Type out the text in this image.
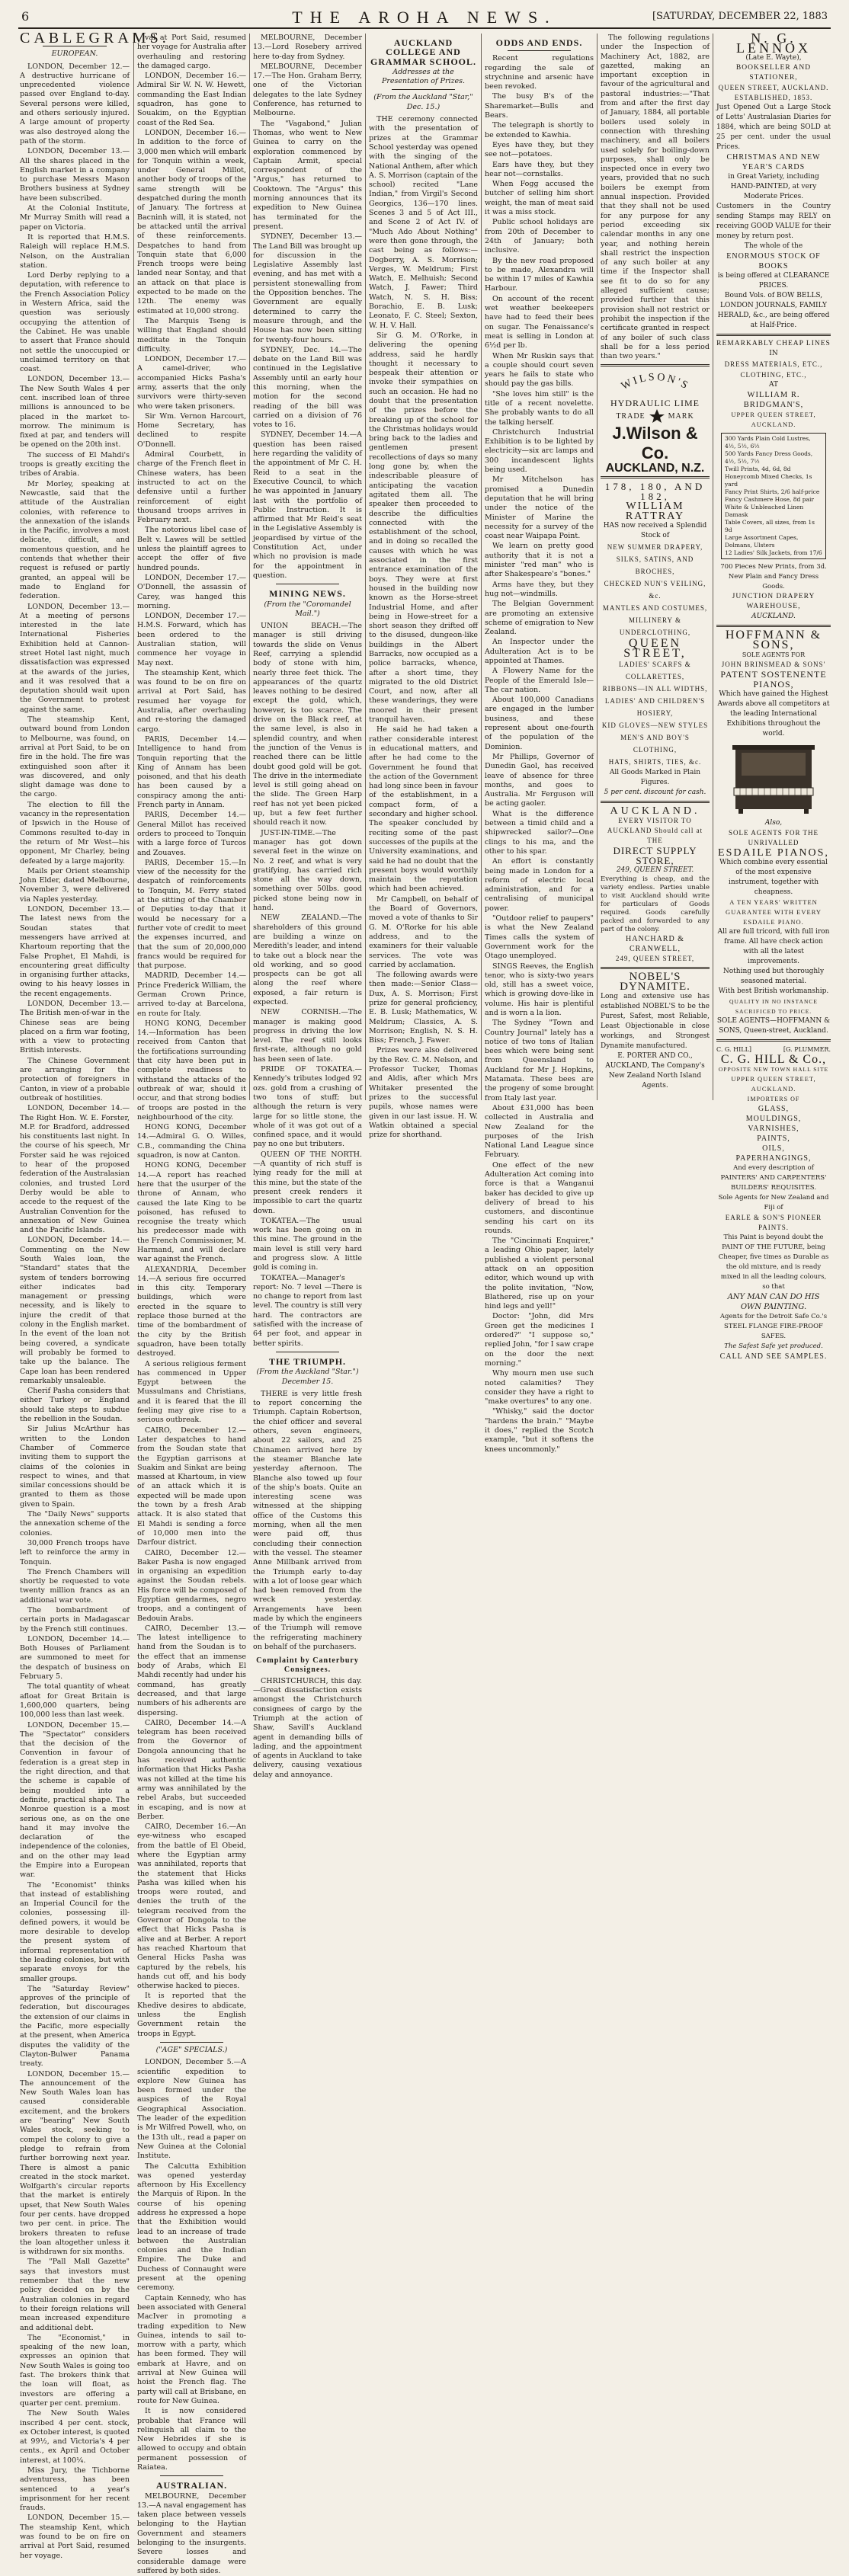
6	THE AROHA NEWS.	[SATURDAY, DECEMBER 22, 1883
CABLEGRAMS.
EUROPEAN.

LONDON, December 12.—A destructive hurricane of unprecedented violence passed over England to-day. Several persons were killed, and others seriously injured. A large amount of property was also destroyed along the path of the storm.

LONDON, December 13.—All the shares placed in the English market in a company to purchase Messrs Mason Brothers business at Sydney have been subscribed.

At the Colonial Institute, Mr Murray Smith will read a paper on Victoria.

It is reported that H.M.S. Raleigh will replace H.M.S. Nelson, on the Australian station.

Lord Derby replying to a deputation, with reference to the French Association Policy in Western Africa, said the question was seriously occupying the attention of the Cabinet. He was unable to assert that France should not settle the unoccupied or unclaimed territory on that coast.

LONDON, December 13.—The New South Wales 4 per cent. inscribed loan of three millions is announced to be placed in the market to-morrow. The minimum is fixed at par, and tenders will be opened on the 20th inst.

The success of El Mahdi's troops is greatly exciting the tribes of Arabia.

Mr Morley, speaking at Newcastle, said that the attitude of the Australian colonies, with reference to the annexation of the islands in the Pacific, involves a most delicate, difficult, and momentous question, and he contends that whether their request is refused or partly granted, an appeal will be made to England for federation.

LONDON, December 13.—At a meeting of persons interested in the late International Fisheries Exhibition held at Cannon-street Hotel last night, much dissatisfaction was expressed at the awards of the juries, and it was resolved that a deputation should wait upon the Government to protest against the same.

The steamship Kent, outward bound from London to Melbourne, was found, on arrival at Port Said, to be on fire in the hold. The fire was extinguished soon after it was discovered, and only slight damage was done to the cargo.

The election to fill the vacancy in the representation of Ipswich in the House of Commons resulted to-day in the return of Mr West—his opponent, Mr Charley, being defeated by a large majority.

Mails per Orient steamship John Elder, dated Melbourne, November 3, were delivered via Naples yesterday.

LONDON, December 13.—The latest news from the Soudan states that messengers have arrived at Khartoum reporting that the False Prophet, El Mahdi, is encountering great difficulty in organising further attacks, owing to his heavy losses in the recent engagements.

LONDON, December 13.—The British men-of-war in the Chinese seas are being placed on a firm war footing, with a view to protecting British interests.

The Chinese Government are arranging for the protection of foreigners in Canton, in view of a probable outbreak of hostilities.

LONDON, December 14.—The Right Hon. W. E. Forster, M.P. for Bradford, addressed his constituents last night. In the course of his speech, Mr Forster said he was rejoiced to hear of the proposed federation of the Australasian colonies, and trusted Lord Derby would be able to accede to the request of the Australian Convention for the annexation of New Guinea and the Pacific Islands.

LONDON, December 14.—Commenting on the New South Wales loan, the "Standard" states that the system of tenders borrowing either indicates bad management or pressing necessity, and is likely to injure the credit of that colony in the English market. In the event of the loan not being covered, a syndicate will probably be formed to take up the balance. The Cape loan has been rendered remarkably unsaleable.

Cherif Pasha considers that either Turkey or England should take steps to subdue the rebellion in the Soudan.

Sir Julius McArthur has written to the London Chamber of Commerce inviting them to support the claims of the colonies in respect to wines, and that similar concessions should be granted to them as those given to Spain.

The "Daily News" supports the annexation scheme of the colonies.

30,000 French troops have left to reinforce the army in Tonquin.

The French Chambers will shortly be requested to vote twenty million francs as an additional war vote.

The bombardment of certain ports in Madagascar by the French still continues.

LONDON, December 14.—Both Houses of Parliament are summoned to meet for the despatch of business on February 5.

The total quantity of wheat afloat for Great Britain is 1,600,000 quarters, being 100,000 less than last week.

LONDON, December 15.—The "Spectator" considers that the decision of the Convention in favour of federation is a great step in the right direction, and that the scheme is capable of being moulded into a definite, practical shape. The Monroe question is a most serious one, as on the one hand it may involve the declaration of the independence of the colonies, and on the other may lead the Empire into a European war.

The "Economist" thinks that instead of establishing an Imperial Council for the colonies, possessing ill-defined powers, it would be more desirable to develop the present system of informal representation of the leading colonies, but with separate envoys for the smaller groups.

The "Saturday Review" approves of the principle of federation, but discourages the extension of our claims in the Pacific, more especially at the present, when America disputes the validity of the Clayton-Bulwer Panama treaty.

LONDON, December 15.—The announcement of the New South Wales loan has caused considerable excitement, and the brokers are "bearing" New South Wales stock, seeking to compel the colony to give a pledge to refrain from further borrowing next year. There is almost a panic created in the stock market. Wolfgarth's circular reports that the market is entirely upset, that New South Wales four per cents. have dropped two per cent. in price. The brokers threaten to refuse the loan altogether unless it is withdrawn for six months.

The "Pall Mall Gazette" says that investors must remember that the new policy decided on by the Australian colonies in regard to their foreign relations will mean increased expenditure and additional debt.

The "Economist," in speaking of the new loan, expresses an opinion that New South Wales is going too fast. The brokers think that the loan will float, as investors are offering a quarter per cent. premium.

The New South Wales inscribed 4 per cent. stock, ex October interest, is quoted at 99½, and Victoria's 4 per cents., ex April and October interest, at 100¼.

Miss Jury, the Tichborne adventuress, has been sentenced to a year's imprisonment for her recent frauds.

LONDON, December 15.—The steamship Kent, which was found to be on fire on arrival at Port Said, resumed her voyage.

val at Port Said, resumed her voyage for Australia after overhauling and restoring the damaged cargo.

LONDON, December 16.—Admiral Sir W. N. W. Hewett, commanding the East Indian squadron, has gone to Souakim, on the Egyptian coast of the Red Sea.

LONDON, December 16.—In addition to the force of 3,000 men which will embark for Tonquin within a week, under General Millot, another body of troops of the same strength will be despatched during the month of January. The fortress at Bacninh will, it is stated, not be attacked until the arrival of these reinforcements. Despatches to hand from Tonquin state that 6,000 French troops were being landed near Sontay, and that an attack on that place is expected to be made on the 12th. The enemy was estimated at 10,000 strong.

The Marquis Tseng is willing that England should meditate in the Tonquin difficulty.

LONDON, December 17.—A camel-driver, who accompanied Hicks Pasha's army, asserts that the only survivors were thirty-seven who were taken prisoners.

Sir Wm. Vernon Harcourt, Home Secretary, has declined to respite O'Donnell.

Admiral Courbett, in charge of the French fleet in Chinese waters, has been instructed to act on the defensive until a further reinforcement of eight thousand troops arrives in February next.

The notorious libel case of Belt v. Lawes will be settled unless the plaintiff agrees to accept the offer of five hundred pounds.

LONDON, December 17.—O'Donnell, the assassin of Carey, was hanged this morning.

LONDON, December 17.—H.M.S. Forward, which has been ordered to the Australian station, will commence her voyage in May next.

The steamship Kent, which was found to be on fire on arrival at Port Said, has resumed her voyage for Australia, after overhauling and re-storing the damaged cargo.

PARIS, December 14.—Intelligence to hand from Tonquin reporting that the King of Annam has been poisoned, and that his death has been caused by a conspiracy among the anti-French party in Annam.

PARIS, December 14.—General Millot has received orders to proceed to Tonquin with a large force of Turcos and Zouaves.

PARIS, December 15.—In view of the necessity for the despatch of reinforcements to Tonquin, M. Ferry stated at the sitting of the Chamber of Deputies to-day that it would be necessary for a further vote of credit to meet the expenses incurred, and that the sum of 20,000,000 francs would be required for that purpose.

MADRID, December 14.—Prince Frederick William, the German Crown Prince, arrived to-day at Barcelona, en route for Italy.

HONG KONG, December 14.—Information has been received from Canton that the fortifications surrounding that city have been put in complete readiness to withstand the attacks of the outbreak of war, should it occur, and that strong bodies of troops are posted in the neighbourhood of the city.

HONG KONG, December 14.—Admiral G. O. Willes, C.B., commanding the China squadron, is now at Canton.

HONG KONG, December 14.—A report has reached here that the usurper of the throne of Annam, who caused the late King to be poisoned, has refused to recognise the treaty which his predecessor made with the French Commissioner, M. Harmand, and will declare war against the French.

ALEXANDRIA, December 14.—A serious fire occurred in this city. Temporary buildings, which were erected in the square to replace those burned at the time of the bombardment of the city by the British squadron, have been totally destroyed.

A serious religious ferment has commenced in Upper Egypt between the Mussulmans and Christians, and it is feared that the ill feeling may give rise to a serious outbreak.

CAIRO, December 12.—Later despatches to hand from the Soudan state that the Egyptian garrisons at Suakim and Sinkat are being massed at Khartoum, in view of an attack which it is expected will be made upon the town by a fresh Arab attack. It is also stated that El Mahdi is sending a force of 10,000 men into the Darfour district.

CAIRO, December 12.—Baker Pasha is now engaged in organising an expedition against the Soudan rebels. His force will be composed of Egyptian gendarmes, negro troops, and a contingent of Bedouin Arabs.

CAIRO, December 13.—The latest intelligence to hand from the Soudan is to the effect that an immense body of Arabs, which El Mahdi recently had under his command, has greatly decreased, and that large numbers of his adherents are dispersing.

CAIRO, December 14.—A telegram has been received from the Governor of Dongola announcing that he has received authentic information that Hicks Pasha was not killed at the time his army was annihilated by the rebel Arabs, but succeeded in escaping, and is now at Berber.

CAIRO, December 16.—An eye-witness who escaped from the battle of El Obeid, where the Egyptian army was annihilated, reports that the statement that Hicks Pasha was killed when his troops were routed, and denies the truth of the telegram received from the Governor of Dongola to the effect that Hicks Pasha is alive and at Berber. A report has reached Khartoum that General Hicks Pasha was captured by the rebels, his hands cut off, and his body otherwise hacked to pieces.

It is reported that the Khedive desires to abdicate, unless the English Government retain the troops in Egypt.

("AGE" SPECIALS.)

LONDON, December 5.—A scientific expedition to explore New Guinea has been formed under the auspices of the Royal Geographical Association. The leader of the expedition is Mr Wilfred Powell, who, on the 13th ult., read a paper on New Guinea at the Colonial Institute.

The Calcutta Exhibition was opened yesterday afternoon by His Excellency the Marquis of Ripon. In the course of his opening address he expressed a hope that the Exhibition would lead to an increase of trade between the Australian colonies and the Indian Empire. The Duke and Duchess of Connaught were present at the opening ceremony.

Captain Kennedy, who has been associated with General MacIver in promoting a trading expedition to New Guinea, intends to sail to-morrow with a party, which has been formed. They will embark at Havre, and on arrival at New Guinea will hoist the French flag. The party will call at Brisbane, en route for New Guinea.

It is now considered probable that France will relinquish all claim to the New Hebrides if she is allowed to occupy and obtain permanent possession of Raiatea.

AUSTRALIAN.

MELBOURNE, December 13.—A naval engagement has taken place between vessels belonging to the Haytian Government and steamers belonging to the insurgents. Severe losses and considerable damage were suffered by both sides.

MELBOURNE, December 13.—Lord Rosebery arrived here to-day from Sydney.

MELBOURNE, December 17.—The Hon. Graham Berry, one of the Victorian delegates to the late Sydney Conference, has returned to Melbourne.

The "Vagabond," Julian Thomas, who went to New Guinea to carry on the exploration commenced by Captain Armit, special correspondent of the "Argus," has returned to Cooktown. The "Argus" this morning announces that its expedition to New Guinea has terminated for the present.

SYDNEY, December 13.—The Land Bill was brought up for discussion in the Legislative Assembly last evening, and has met with a persistent stonewalling from the Opposition benches. The Government are equally determined to carry the measure through, and the House has now been sitting for twenty-four hours.

SYDNEY, Dec. 14.—The debate on the Land Bill was continued in the Legislative Assembly until an early hour this morning, when the motion for the second reading of the bill was carried on a division of 76 votes to 16.

SYDNEY, December 14.—A question has been raised here regarding the validity of the appointment of Mr C. H. Reid to a seat in the Executive Council, to which he was appointed in January last with the portfolio of Public Instruction. It is affirmed that Mr Reid's seat in the Legislative Assembly is jeopardised by virtue of the Constitution Act, under which no provision is made for the appointment in question.

MINING NEWS.
(From the "Coromandel Mail.")

UNION BEACH.—The manager is still driving towards the slide on Venus Reef, carrying a splendid body of stone with him, nearly three feet thick. The appearances of the quartz leaves nothing to be desired except the gold, which, however, is too scarce. The drive on the Black reef, at the same level, is also in splendid country, and when the junction of the Venus is reached there can be little doubt good gold will be got. The drive in the intermediate level is still going ahead on the slide. The Green Harp reef has not yet been picked up, but a few feet further should reach it now.

JUST-IN-TIME.—The manager has got down several feet in the winze on No. 2 reef, and what is very gratifying, has carried rich stone all the way down, something over 50lbs. good picked stone being now in hand.

NEW ZEALAND.—The shareholders of this ground are building a winze on Meredith's leader, and intend to take out a block near the old working, and so good prospects can be got all along the reef where exposed, a fair return is expected.

NEW CORNISH.—The manager is making good progress in driving the low level. The reef still looks first-rate, although no gold has been seen of late.

PRIDE OF TOKATEA.—Kennedy's tributes lodged 92 ozs. gold from a crushing of two tons of stuff; but although the return is very large for so little stone, the whole of it was got out of a confined space, and it would pay no one but tributers.

QUEEN OF THE NORTH.—A quantity of rich stuff is lying ready for the mill at this mine, but the state of the present creek renders it impossible to cart the quartz down.

TOKATEA.—The usual work has been going on in this mine. The ground in the main level is still very hard and progress slow. A little gold is coming in.

TOKATEA.—Manager's report: No. 7 level —There is no change to report from last level. The country is still very hard. The contractors are satisfied with the increase of 64 per foot, and appear in better spirits.

THE TRIUMPH.
(From the Auckland "Star.") December 15.

THERE is very little fresh to report concerning the Triumph. Captain Robertson, the chief officer and several others, seven engineers, about 22 sailors, and 25 Chinamen arrived here by the steamer Blanche late yesterday afternoon. The Blanche also towed up four of the ship's boats. Quite an interesting scene was witnessed at the shipping office of the Customs this morning, when all the men were paid off, thus concluding their connection with the vessel. The steamer Anne Millbank arrived from the Triumph early to-day with a lot of loose gear which had been removed from the wreck yesterday. Arrangements have been made by which the engineers of the Triumph will remove the refrigerating machinery on behalf of the purchasers.

Complaint by Canterbury Consignees.

CHRISTCHURCH, this day.—Great dissatisfaction exists amongst the Christchurch consignees of cargo by the Triumph at the action of Shaw, Savill's Auckland agent in demanding bills of lading, and the appointment of agents in Auckland to take delivery, causing vexatious delay and annoyance.

AUCKLAND COLLEGE AND GRAMMAR SCHOOL.
Addresses at the Presentation of Prizes.
(From the Auckland "Star," Dec. 15.)

THE ceremony connected with the presentation of prizes at the Grammar School yesterday was opened with the singing of the National Anthem, after which A. S. Morrison (captain of the school) recited "Lane Indian," from Virgil's Second Georgics, 136—170 lines. Scenes 3 and 5 of Act III., and Scene 2 of Act IV. of "Much Ado About Nothing" were then gone through, the cast being as follows:—Dogberry, A. S. Morrison; Verges, W. Meldrum; First Watch, E. Melhuish; Second Watch, J. Fawer; Third Watch, N. S. H. Biss; Borachio, E. B. Lusk; Leonato, F. C. Steel; Sexton, W. H. V. Hall.

Sir G. M. O'Rorke, in delivering the opening address, said he hardly thought it necessary to bespeak their attention or invoke their sympathies on such an occasion. He had no doubt that the presentation of the prizes before the breaking up of the school for the Christmas holidays would bring back to the ladies and gentlemen present recollections of days so many long gone by, when the indescribable pleasure of anticipating the vacation agitated them all. The speaker then proceeded to describe the difficulties connected with the establishment of the school, and in doing so recalled the causes with which he was associated in the first entrance examination of the boys. They were at first housed in the building now known as the Horse-street Industrial Home, and after being in Howe-street for a short season they drifted off to the disused, dungeon-like buildings in the Albert Barracks, now occupied as a police barracks, whence, after a short time, they migrated to the old District Court, and now, after all these wanderings, they were moored in their present tranquil haven.

He said he had taken a rather considerable interest in educational matters, and after he had come to the Government he found that the action of the Government had long since been in favour of the establishment, in a compact form, of a secondary and higher school. The speaker concluded by reciting some of the past successes of the pupils at the University examinations, and said he had no doubt that the present boys would worthily maintain the reputation which had been achieved.

Mr Campbell, on behalf of the Board of Governors, moved a vote of thanks to Sir G. M. O'Rorke for his able address, and to the examiners for their valuable services. The vote was carried by acclamation.

The following awards were then made:—Senior Class—Dux, A. S. Morrison; First prize for general proficiency, E. B. Lusk; Mathematics, W. Meldrum; Classics, A. S. Morrison; English, N. S. H. Biss; French, J. Fawer.

Prizes were also delivered by the Rev. C. M. Nelson, and Professor Tucker, Thomas and Aldis, after which Mrs Whitaker presented the prizes to the successful pupils, whose names were given in our last issue. H. W. Watkin obtained a special prize for shorthand.

ODDS AND ENDS.

Recent regulations regarding the sale of strychnine and arsenic have been revoked.

The busy B's of the Sharemarket—Bulls and Bears.

The telegraph is shortly to be extended to Kawhia.

Eyes have they, but they see not—potatoes.

Ears have they, but they hear not—cornstalks.

When Fogg accused the butcher of selling him short weight, the man of meat said it was a miss stock.

Public school holidays are from 20th of December to 24th of January; both inclusive.

By the new road proposed to be made, Alexandra will be within 17 miles of Kawhia Harbour.

On account of the recent wet weather beekeepers have had to feed their bees on sugar. The Fenaissance's meat is selling in London at 6½d per lb.

When Mr Ruskin says that a couple should court seven years he fails to state who should pay the gas bills.

"She loves him still" is the title of a recent novelette. She probably wants to do all the talking herself.

Christchurch Industrial Exhibition is to be lighted by electricity—six arc lamps and 300 incandescent lights being used.

Mr Mitchelson has promised a Dunedin deputation that he will bring under the notice of the Minister of Marine the necessity for a survey of the coast near Waipapa Point.

We learn on pretty good authority that it is not a minister "red man" who is after Shakespeare's "bones."

Arms have they, but they hug not—windmills.

The Belgian Government are promoting an extensive scheme of emigration to New Zealand.

An Inspector under the Adulteration Act is to be appointed at Thames.

A Flowery Name for the People of the Emerald Isle—The car nation.

About 100,000 Canadians are engaged in the lumber business, and these represent about one-fourth of the population of the Dominion.

Mr Phillips, Governor of Dunedin Gaol, has received leave of absence for three months, and goes to Australia. Mr Ferguson will be acting gaoler.

What is the difference between a timid child and a shipwrecked sailor?—One clings to his ma, and the other to his spar.

An effort is constantly being made in London for a reform of electric local administration, and for a centralising of municipal power.

"Outdoor relief to paupers" is what the New Zealand Times calls the system of Government work for the Otago unemployed.

SINGS Reeves, the English tenor, who is sixty-two years old, still has a sweet voice, which is growing dove-like in volume. His hair is plentiful and is worn a la lion.

The Sydney "Town and Country Journal" lately has a notice of two tons of Italian bees which were being sent from Queensland to Auckland for Mr J. Hopkins, Matamata. These bees are the progeny of some brought from Italy last year.

About £31,000 has been collected in Australia and New Zealand for the purposes of the Irish National Land League since February.

One effect of the new Adulteration Act coming into force is that a Wanganui baker has decided to give up delivery of bread to his customers, and discontinue sending his cart on its rounds.

The "Cincinnati Enquirer," a leading Ohio paper, lately published a violent personal attack on an opposition editor, which wound up with the polite invitation, "Now, Blathered, rise up on your hind legs and yell!"

Doctor: "John, did Mrs Green get the medicines I ordered?" "I suppose so," replied John, "for I saw crape on the door the next morning."

Why mourn men use such noted calamities? They consider they have a right to "make overtures" to any one.

"Whisky," said the doctor "hardens the brain." "Maybe it does," replied the Scotch example, "but it softens the knees uncommonly."

The following regulations under the Inspection of Machinery Act, 1882, are gazetted, making an important exception in favour of the agricultural and pastoral industries:—"That from and after the first day of January, 1884, all portable boilers used solely in connection with threshing machinery, and all boilers used solely for boiling-down purposes, shall only be inspected once in every two years, provided that no such boilers be exempt from annual inspection. Provided that they shall not be used for any purpose for any period exceeding six calendar months in any one year, and nothing herein shall restrict the inspection of any such boiler at any time if the Inspector shall see fit to do so for any alleged sufficient cause; provided further that this provision shall not restrict or prohibit the inspection if the certificate granted in respect of any boiler of such class shall be for a less period than two years."

WILSON'S
HYDRAULIC LIME
TRADE	MARK
J.Wilson & Co.
AUCKLAND, N.Z.
178, 180, AND 182,
WILLIAM RATTRAY
HAS now received a Splendid Stock of
NEW SUMMER DRAPERY,
SILKS, SATINS, AND BROCHES,
CHECKED NUN'S VEILING, &c.
MANTLES AND COSTUMES,
MILLINERY & UNDERCLOTHING,
QUEEN STREET,
LADIES' SCARFS & COLLARETTES,
RIBBONS—IN ALL WIDTHS,
LADIES' AND CHILDREN'S HOSIERY,
KID GLOVES—NEW STYLES
MEN'S AND BOY'S CLOTHING,
HATS, SHIRTS, TIES, &c.
All Goods Marked in Plain Figures.
5 per cent. discount for cash.
AUCKLAND.
EVERY VISITOR TO AUCKLAND Should call at THE
DIRECT SUPPLY STORE,
249, QUEEN STREET.
Everything is cheap, and the variety endless. Parties unable to visit Auckland should write for particulars of Goods required. Goods carefully packed and forwarded to any part of the colony.
HANCHARD & CRANWELL,
249, QUEEN STREET,
NOBEL'S DYNAMITE.
Long and extensive use has established NOBEL'S to be the Purest, Safest, most Reliable, Least Objectionable in close workings, and Strongest Dynamite manufactured.
E. PORTER AND CO., AUCKLAND, The Company's New Zealand North Island Agents.
N. G. LENNOX
(Late E. Wayte),
BOOKSELLER AND STATIONER,
QUEEN STREET, AUCKLAND.
ESTABLISHED, 1853.
Just Opened Out a Large Stock of Letts' Australasian Diaries for 1884, which are being SOLD at 25 per cent. under the usual Prices.
CHRISTMAS AND NEW YEAR'S CARDS
in Great Variety, including HAND-PAINTED, at very Moderate Prices.
Customers in the Country sending Stamps may RELY on receiving GOOD VALUE for their money by return post.
The whole of the
ENORMOUS STOCK OF BOOKS
is being offered at CLEARANCE PRICES.
Bound Vols. of BOW BELLS, LONDON JOURNALS, FAMILY HERALD, &c., are being offered at Half-Price.
REMARKABLY CHEAP LINES
IN
DRESS MATERIALS, ETC.,
CLOTHING, ETC.,
AT
WILLIAM R. BRIDGMAN'S,
UPPER QUEEN STREET, AUCKLAND.
300 Yards Plain Cold Lustres, 4½, 5½, 6½
500 Yards Fancy Dress Goods, 4½, 5½, 7½
Twill Prints, 4d, 6d, 8d
Honeycomb Mixed Checks, 1s yard
Fancy Print Shirts, 2/6 half-price
Fancy Cashmere Hose, 8d pair
White & Unbleached Linen Damask
Table Covers, all sizes, from 1s 9d
Large Assortment Capes, Dolmans, Ulsters
12 Ladies' Silk Jackets, from 17/6
700 Pieces New Prints, from 3d. New Plain and Fancy Dress Goods.
JUNCTION DRAPERY WAREHOUSE,
AUCKLAND.
HOFFMANN & SONS,
SOLE AGENTS FOR
JOHN BRINSMEAD & SONS'
PATENT SOSTENENTE PIANOS,
Which have gained the Highest Awards above all competitors at the leading International Exhibitions throughout the world.
Also,
SOLE AGENTS FOR THE UNRIVALLED
ESDAILE PIANOS,
Which combine every essential of the most expensive instrument, together with cheapness.
A TEN YEARS' WRITTEN GUARANTEE WITH EVERY ESDAILE PIANO.
All are full tricord, with full iron frame. All have check action with all the latest improvements.
Nothing used but thoroughly seasoned material.
With best British workmanship.
QUALITY IN NO INSTANCE SACRIFICED TO PRICE.
SOLE AGENTS—HOFFMANN & SONS, Queen-street, Auckland.
C. G. HILL]	[G. PLUMMER.
C. G. HILL & Co.,
OPPOSITE NEW TOWN HALL SITE
UPPER QUEEN STREET, AUCKLAND.
IMPORTERS OF
GLASS,
MOULDINGS,
VARNISHES,
PAINTS,
OILS,
PAPERHANGINGS,
And every description of PAINTERS' AND CARPENTERS' BUILDERS' REQUISITES.
Sole Agents for New Zealand and Fiji of
EARLE & SON'S PIONEER PAINTS.
This Paint is beyond doubt the PAINT OF THE FUTURE, being Cheaper, five times as Durable as the old mixture, and is ready mixed in all the leading colours, so that
ANY MAN CAN DO HIS OWN PAINTING.
Agents for the Detroit Safe Co.'s STEEL FLANGE FIRE-PROOF SAFES.
The Safest Safe yet produced.
CALL AND SEE SAMPLES.
